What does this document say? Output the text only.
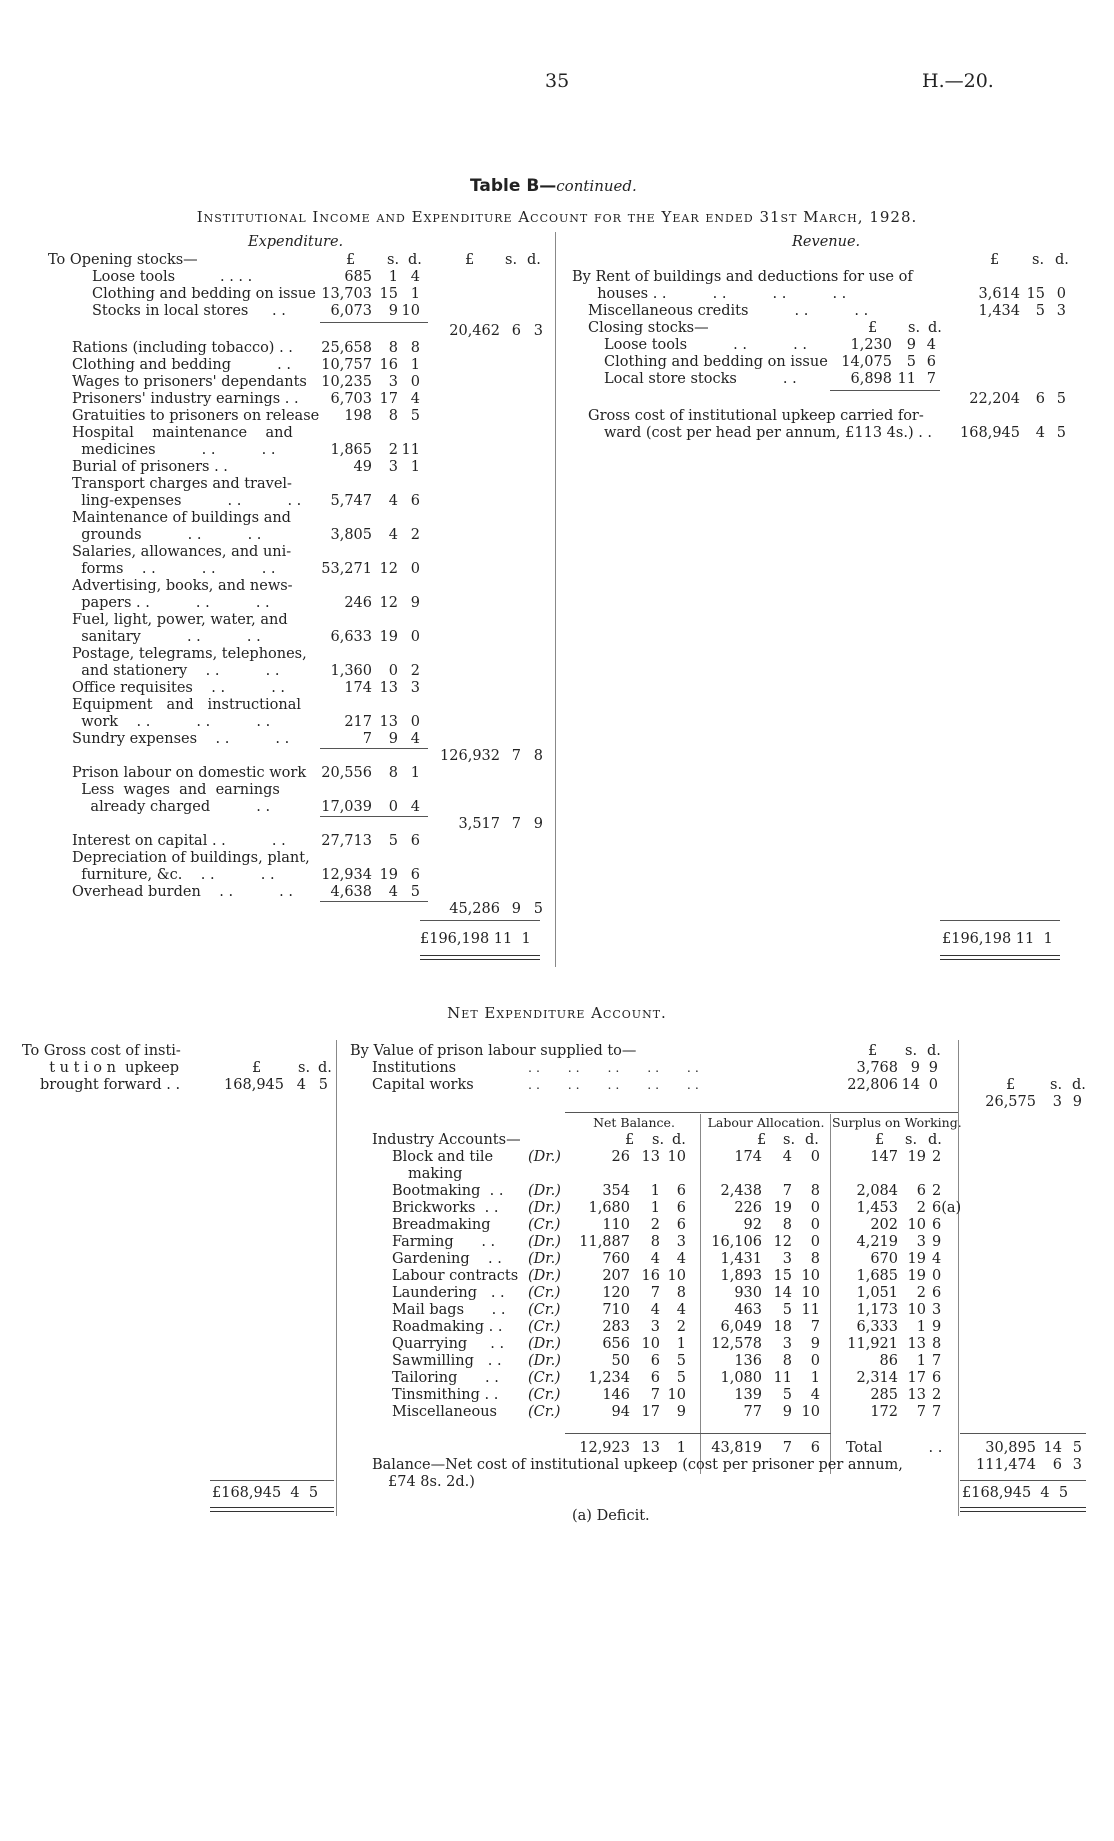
35	H.—20.
Table B—continued.
Institutional Income and Expenditure Account for the Year ended 31st March, 1928.
Expenditure.
£ s. d.	£ s. d.
To Opening stocks—
Loose tools	. . . .	685	1 4
Clothing and bedding on issue 13,703 15 1
Stocks in local stores . .	6,073	9 10
20,462 6 3
Rations (including tobacco) . .	25,658	8 8
Clothing and bedding          . .	10,757 16 1
Wages to prisoners' dependants 10,235	3 0
Prisoners' industry earnings . .	6,703 17 4
Gratuities to prisoners on release	198	8 5
Hospital    maintenance    and
medicines          . .          . .	1,865	2 11
Burial of prisoners . .	49	3 1
Transport charges and travel-
ling-expenses          . .          . .	5,747	4 6
Maintenance of buildings and
grounds          . .          . .	3,805	4 2
Salaries, allowances, and uni-
forms    . .          . .          . .	53,271 12 0
Advertising, books, and news-
papers . .          . .          . .	246 12 9
Fuel, light, power, water, and
sanitary          . .          . .	6,633 19 0
Postage, telegrams, telephones,
and stationery    . .          . .	1,360	0 2
Office requisites    . .          . .	174 13 3
Equipment   and   instructional
work    . .          . .          . .	217 13 0
Sundry expenses    . .          . .	7	9 4
126,932 7 8
Prison labour on domestic work	20,556	8 1
Less  wages  and  earnings
already charged          . .	17,039	0 4
3,517 7 9
Interest on capital . .          . .	27,713	5 6
Depreciation of buildings, plant,
furniture, &c.    . .          . .	12,934 19 6
Overhead burden    . .          . .	4,638	4 5
45,286 9 5
Revenue.
£ s. d.
By Rent of buildings and deductions for use of
houses . .          . .          . .          . .	3,614 15 0
Miscellaneous credits          . .          . .	1,434	5 3
Closing stocks—	£ s. d.
Loose tools          . .          . .	1,230	9 4
Clothing and bedding on issue 14,075	5 6
Local store stocks          . .	6,898 11 7
22,204	6 5
Gross cost of institutional upkeep carried for-
ward (cost per head per annum, £113 4s.) . .	168,945	4 5
£196,198 11  1	£196,198 11  1
Net Expenditure Account.
To Gross cost of insti-
t u t i o n  upkeep	£	s. d.
brought forward . .	168,945 4 5
£168,945  4  5
By Value of prison labour supplied to—	£ s. d.
Institutions	. .       . .       . .       . .       . .	3,768 9 9
Capital works	. .       . .       . .       . .       . .	22,806 14 0	£ s. d.
26,575	3 9
Net Balance.	Labour Allocation. Surplus on Working.
Industry Accounts—	£ s. d.	£ s. d.	£ s. d.
Block and tile (Dr.)	26 13 10	174	4	0	147 19 2
making
Bootmaking  . . (Dr.)	354	1	6	2,438	7	8	2,084	6 2
Brickworks  . . (Dr.)	1,680	1	6	226 19	0	1,453	2 6(a)
Breadmaking	(Cr.)	110	2	6	92	8	0	202 10 6
Farming      . . (Dr.)	11,887	8	3	16,106 12	0	4,219	3 9
Gardening    . . (Dr.)	760	4	4	1,431	3	8	670 19 4
Labour contracts (Dr.)	207 16 10	1,893 15 10	1,685 19 0
Laundering   . . (Cr.)	120	7	8	930 14 10	1,051	2 6
Mail bags      . . (Cr.)	710	4	4	463	5 11	1,173 10 3
Roadmaking . . (Cr.)	283	3	2	6,049 18	7	6,333	1 9
Quarrying     . . (Dr.)	656 10	1	12,578	3	9	11,921 13 8
Sawmilling   . . (Dr.)	50	6	5	136	8	0	86	1 7
Tailoring      . . (Cr.)	1,234	6	5	1,080 11	1	2,314 17 6
Tinsmithing . . (Cr.)	146	7 10	139	5	4	285 13 2
Miscellaneous (Cr.)	94 17	9	77	9 10	172	7 7
12,923 13	1	43,819	7	6 Total          . .	30,895 14 5
Balance—Net cost of institutional upkeep (cost per prisoner per annum,	111,474	6 3
£74 8s. 2d.)
£168,945  4  5
(a) Deficit.
